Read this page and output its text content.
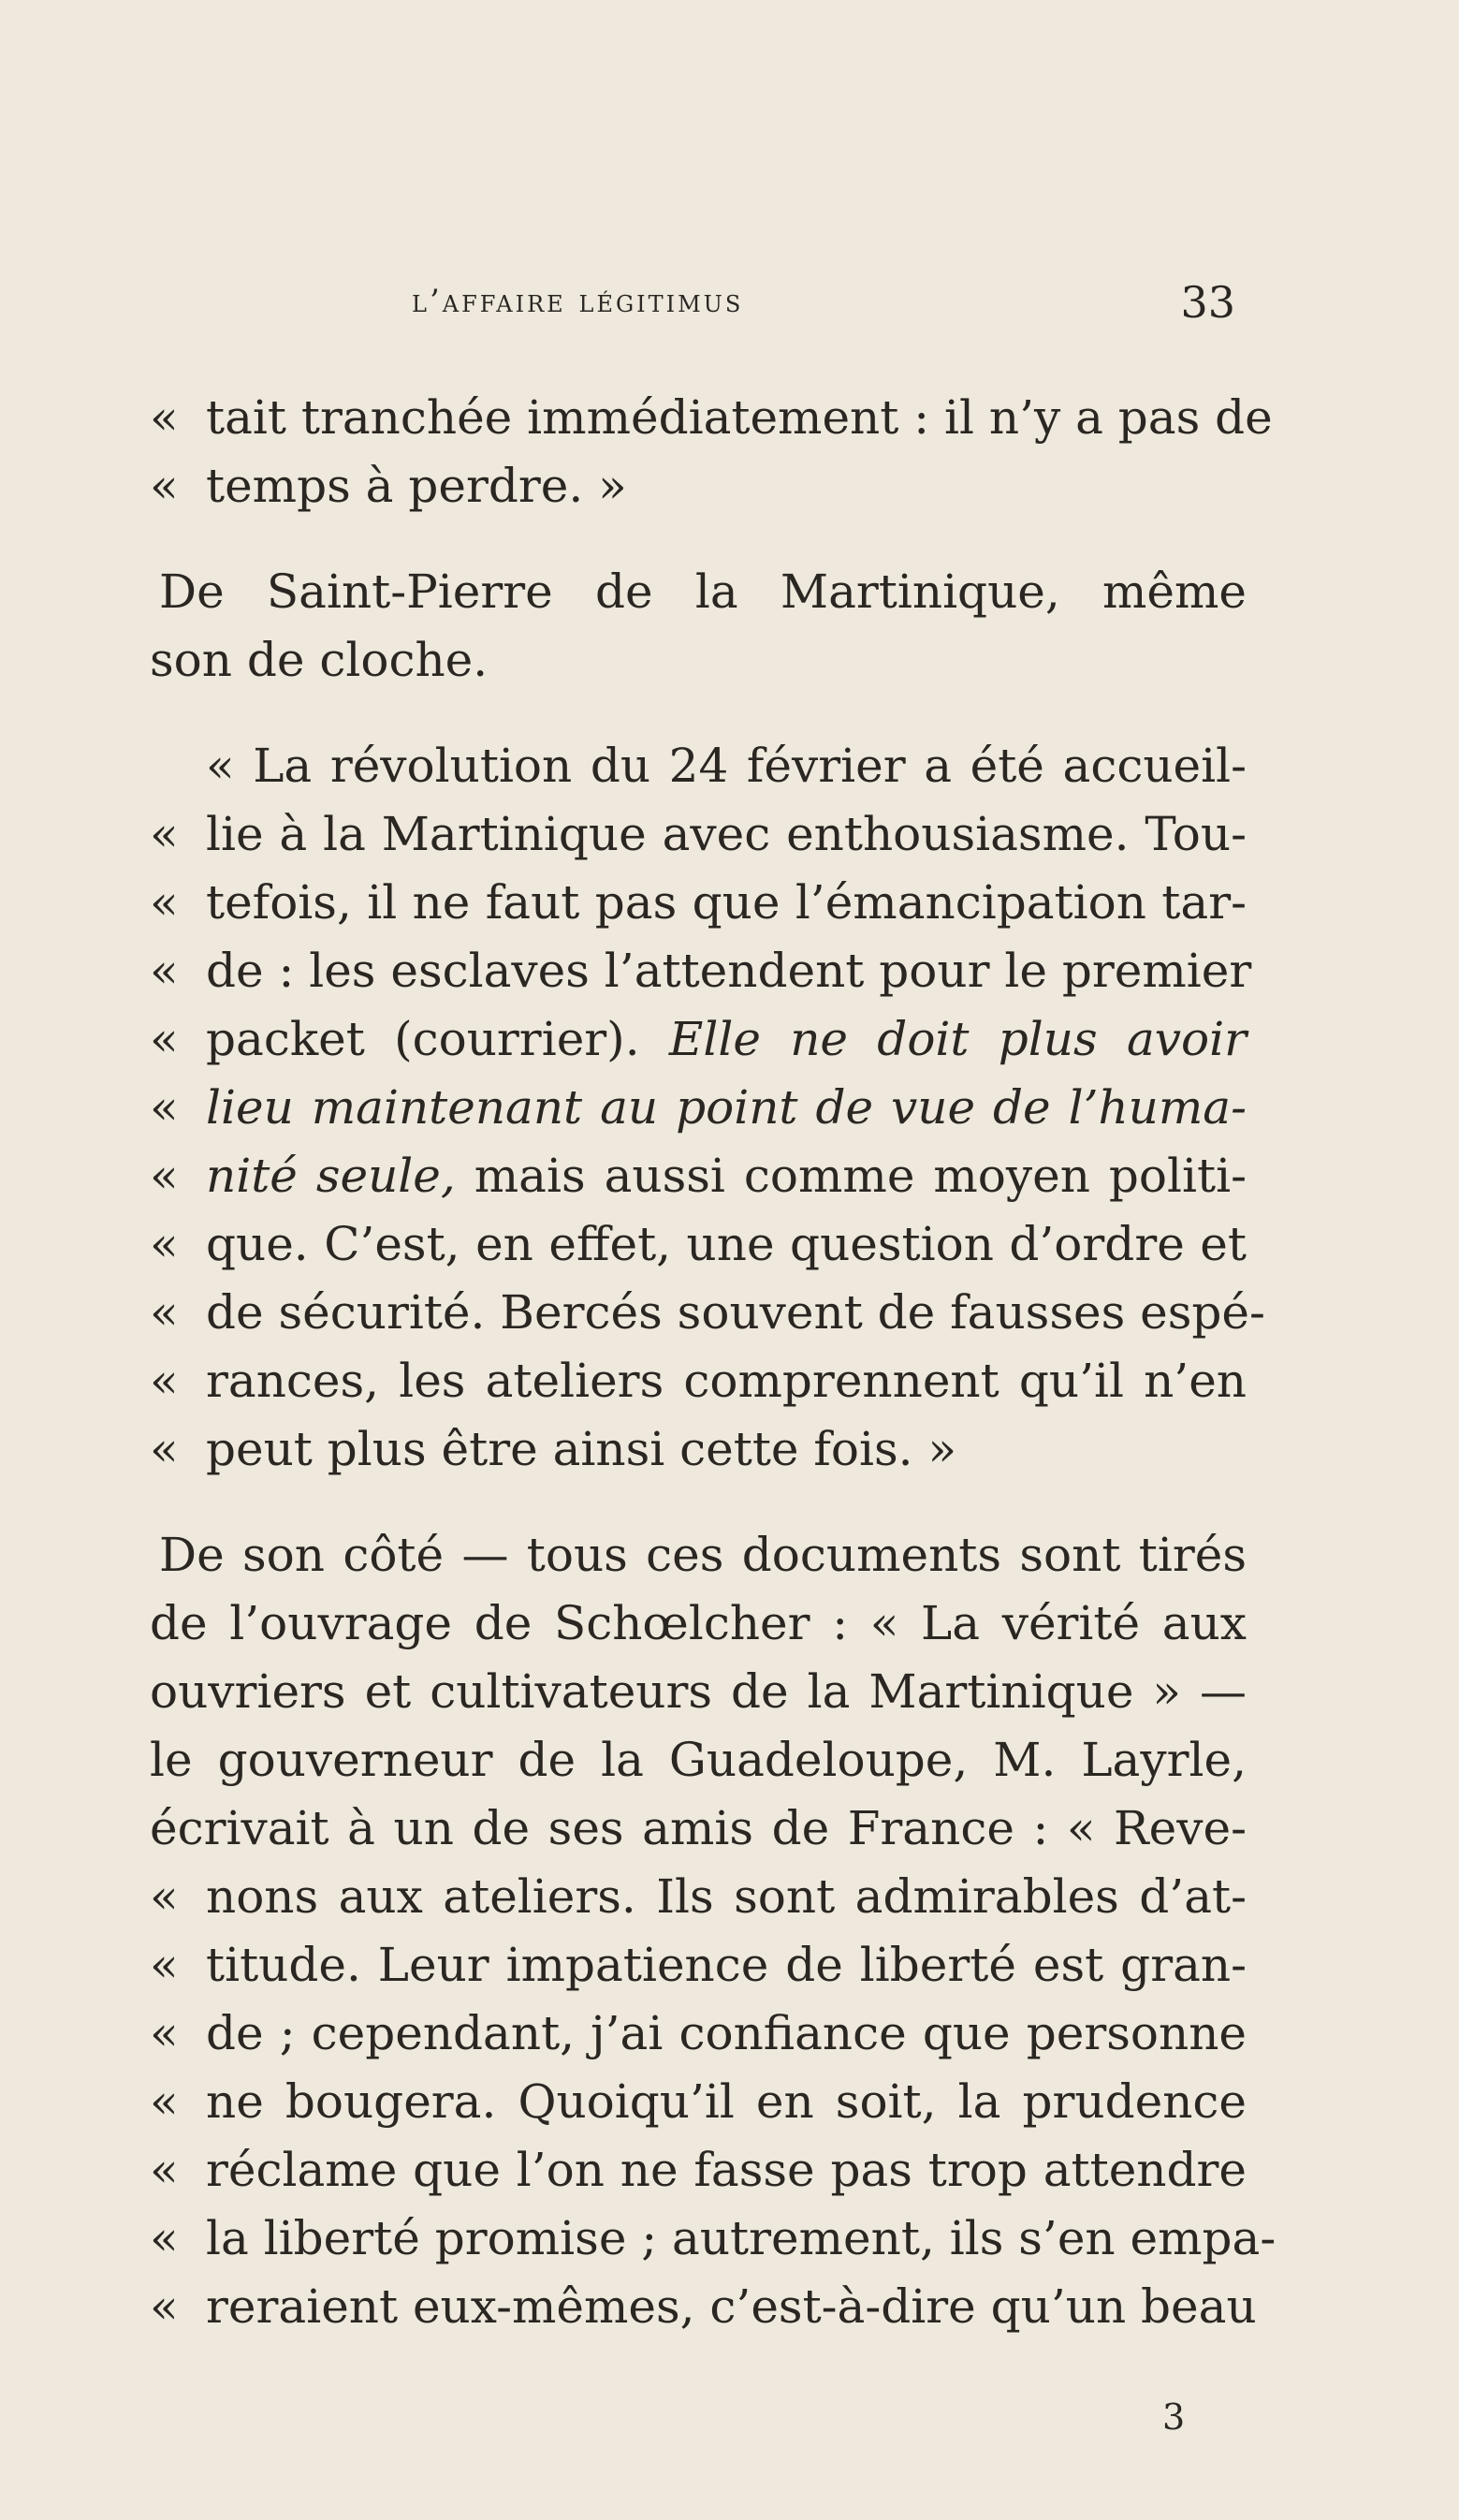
l’affaire légitimus	33
« tait tranchée immédiatement : il n’y a pas de
« temps à perdre. »
De Saint-Pierre de la Martinique, même
son de cloche.
« La révolution du 24 février a été accueil-
« lie à la Martinique avec enthousiasme. Tou-
« tefois, il ne faut pas que l’émancipation tar-
« de : les esclaves l’attendent pour le premier
« packet (courrier). Elle ne doit plus avoir
« lieu maintenant au point de vue de l’huma-
« nité seule, mais aussi comme moyen politi-
« que. C’est, en effet, une question d’ordre et
« de sécurité. Bercés souvent de fausses espé-
« rances, les ateliers comprennent qu’il n’en
« peut plus être ainsi cette fois. »
De son côté — tous ces documents sont tirés
de l’ouvrage de Schœlcher : « La vérité aux
ouvriers et cultivateurs de la Martinique » —
le gouverneur de la Guadeloupe, M. Layrle,
écrivait à un de ses amis de France : « Reve-
« nons aux ateliers. Ils sont admirables d’at-
« titude. Leur impatience de liberté est gran-
« de ; cependant, j’ai confiance que personne
« ne bougera. Quoiqu’il en soit, la prudence
« réclame que l’on ne fasse pas trop attendre
« la liberté promise ; autrement, ils s’en empa-
« reraient eux-mêmes, c’est-à-dire qu’un beau
3
